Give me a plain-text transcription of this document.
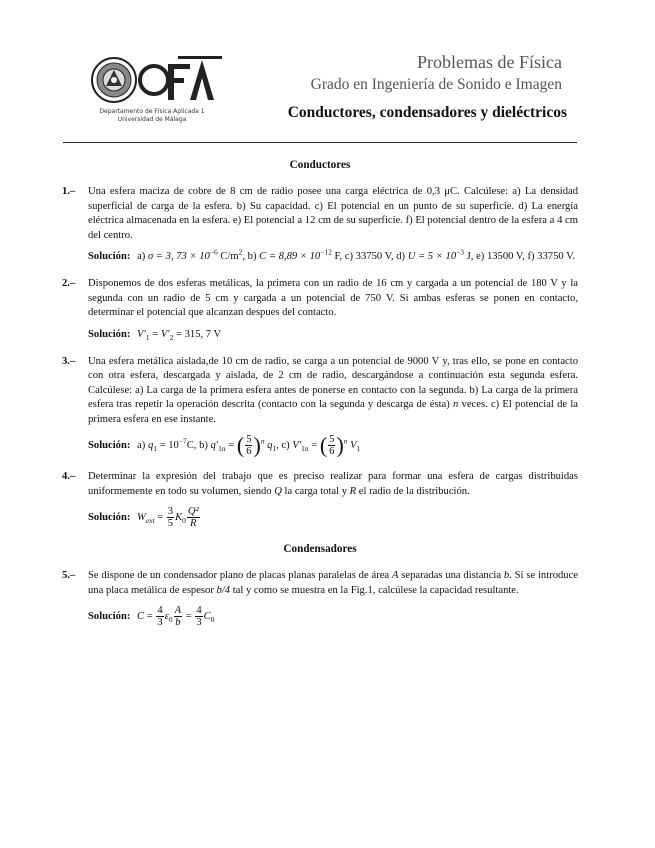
Departamento de Física Aplicada 1
Universidad de Málaga
Problemas de Física
Grado en Ingeniería de Sonido e Imagen
Conductores, condensadores y dieléctricos
Conductores
1.–	Una esfera maciza de cobre de 8 cm de radio posee una carga eléctrica de 0,3 μC. Calcúlese: a) La densidad superficial de carga de la esfera. b) Su capacidad. c) El potencial en un punto de su superficie. d) La energía eléctrica almacenada en la esfera. e) El potencial a 12 cm de su superficie. f) El potencial dentro de la esfera a 4 cm del centro.
Solución: a) σ = 3, $73 \times 10^{-6}$ $C/m^2$, b) $C = 8,89 \times 10^{-12}$ F, c) 33750 V, d) $U = 5 \times 10^{-3}$ J, e) 13500 V, f) 33750 V.
2.–	Disponemos de dos esferas metálicas, la primera con un radio de 16 cm y cargada a un potencial de 180 V y la segunda con un radio de 5 cm y cargada a un potencial de 750 V. Si ambas esferas se ponen en contacto, determinar el potencial que alcanzan despues del contacto.
Solución: $V'_1 = V'_2 = 315$, 7 V
3.–	Una esfera metálica aislada,de 10 cm de radio, se carga a un potencial de 9000 V y, tras ello, se pone en contacto con otra esfera, descargada y aislada, de 2 cm de radio, descargándose a continuación esta segunda esfera. Calcúlese: a) La carga de la primera esfera antes de ponerse en contacto con la segunda. b) La carga de la primera esfera tras repetir la operación descrita (contacto con la segunda y descarga de ésta) n veces. c) El potencial de la primera esfera en ese instante.
Solución: a) $q_1 = 10^{-7}C$, b) $q'_{1n}$ = ( $\frac{5}{6} )^n$ $q_1$, c) $V'_{1n}$ = ( $\frac{5}{6} )^n$ $V_1$
4.–	Determinar la expresión del trabajo que es preciso realizar para formar una esfera de cargas distribuidas uniformemente en todo su volumen, siendo Q la carga total y R el radio de la distribución.
Solución: $W_{ext} = \frac{3}{5} K_0 \frac{\text{Q²}}{R}$
Condensadores
5.–	Se dispone de un condensador plano de placas planas paralelas de área A separadas una distancia b. Si se introduce una placa metálica de espesor b/4 tal y como se muestra en la Fig.1, calcúlese la capacidad resultante.
Solución: $C = \frac{4}{3} \varepsilon_0 \frac{A}{b} = \frac{4}{3} C_0$
